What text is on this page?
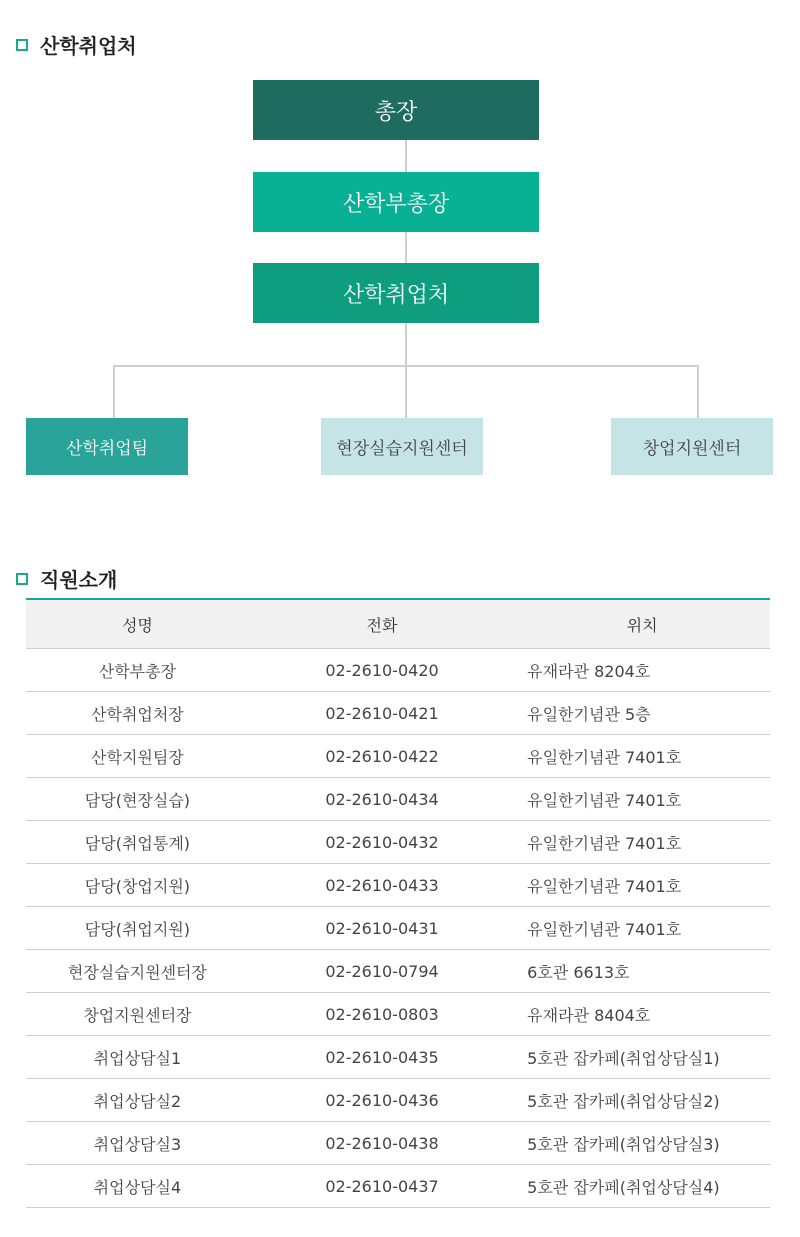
산학취업처
총장
산학부총장
산학취업처
산학취업팀	현장실습지원센터	창업지원센터
직원소개
성명	전화	위치
산학부총장	02-2610-0420	유재라관 8204호
산학취업처장	02-2610-0421	유일한기념관 5층
산학지원팀장	02-2610-0422	유일한기념관 7401호
담당(현장실습)	02-2610-0434	유일한기념관 7401호
담당(취업통계)	02-2610-0432	유일한기념관 7401호
담당(창업지원)	02-2610-0433	유일한기념관 7401호
담당(취업지원)	02-2610-0431	유일한기념관 7401호
현장실습지원센터장	02-2610-0794	6호관 6613호
창업지원센터장	02-2610-0803	유재라관 8404호
취업상담실1	02-2610-0435	5호관 잡카페(취업상담실1)
취업상담실2	02-2610-0436	5호관 잡카페(취업상담실2)
취업상담실3	02-2610-0438	5호관 잡카페(취업상담실3)
취업상담실4	02-2610-0437	5호관 잡카페(취업상담실4)
